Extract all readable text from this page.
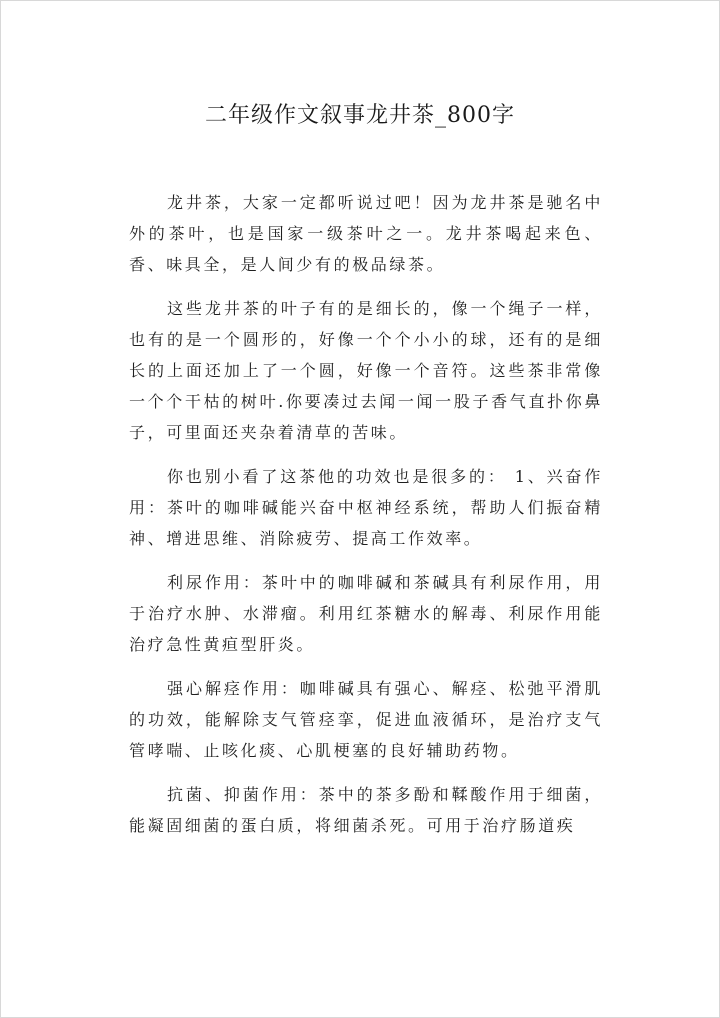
二年级作文叙事龙井茶_800字

龙井茶，大家一定都听说过吧！因为龙井茶是驰名中外的茶叶，也是国家一级茶叶之一。龙井茶喝起来色、香、味具全，是人间少有的极品绿茶。

这些龙井茶的叶子有的是细长的，像一个绳子一样，也有的是一个圆形的，好像一个个小小的球，还有的是细长的上面还加上了一个圆，好像一个音符。这些茶非常像一个个干枯的树叶.你要凑过去闻一闻一股子香气直扑你鼻子，可里面还夹杂着清草的苦味。

你也别小看了这茶他的功效也是很多的： 1、兴奋作用：茶叶的咖啡碱能兴奋中枢神经系统，帮助人们振奋精神、增进思维、消除疲劳、提高工作效率。

利尿作用：茶叶中的咖啡碱和茶碱具有利尿作用，用于治疗水肿、水滞瘤。利用红茶糖水的解毒、利尿作用能治疗急性黄疸型肝炎。

强心解痉作用：咖啡碱具有强心、解痉、松弛平滑肌的功效，能解除支气管痉挛，促进血液循环，是治疗支气管哮喘、止咳化痰、心肌梗塞的良好辅助药物。

抗菌、抑菌作用：茶中的茶多酚和鞣酸作用于细菌，能凝固细菌的蛋白质，将细菌杀死。可用于治疗肠道疾
